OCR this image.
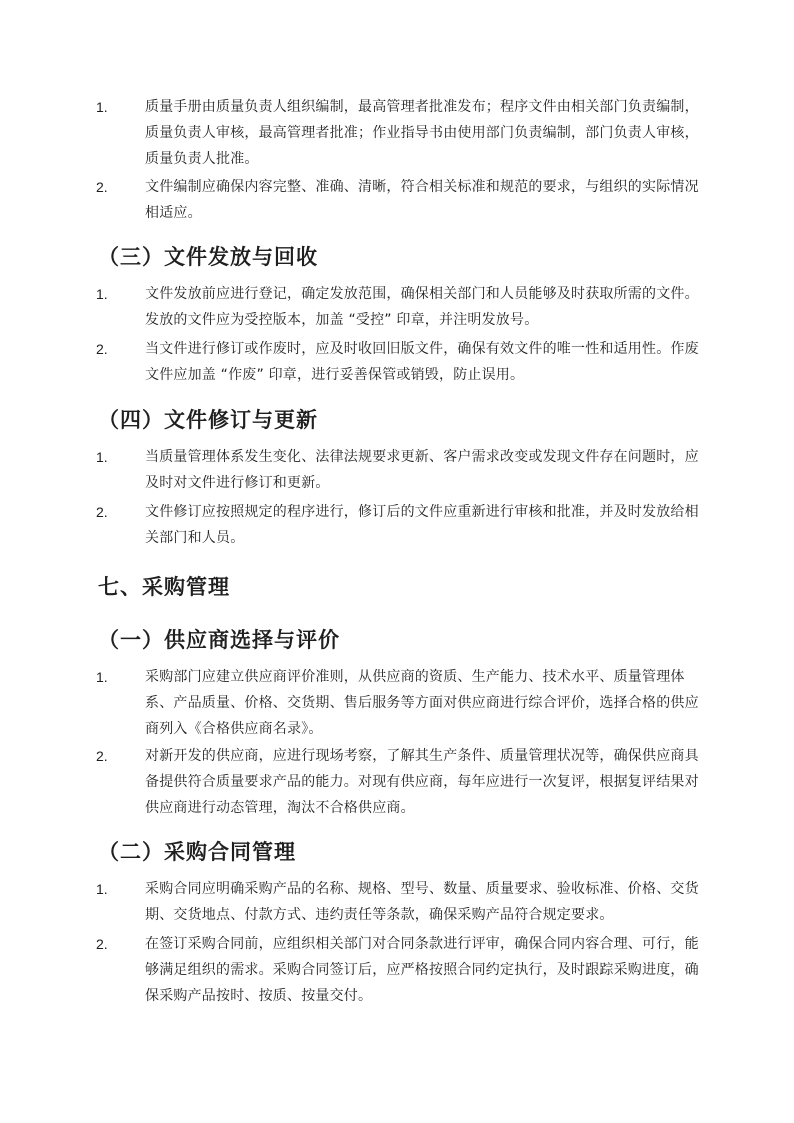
1.	质量手册由质量负责人组织编制，最高管理者批准发布；程序文件由相关部门负责编制，质量负责人审核，最高管理者批准；作业指导书由使用部门负责编制，部门负责人审核，质量负责人批准。
2.	文件编制应确保内容完整、准确、清晰，符合相关标准和规范的要求，与组织的实际情况相适应。
（三）文件发放与回收
1.	文件发放前应进行登记，确定发放范围，确保相关部门和人员能够及时获取所需的文件。发放的文件应为受控版本，加盖 “受控” 印章，并注明发放号。
2.	当文件进行修订或作废时，应及时收回旧版文件，确保有效文件的唯一性和适用性。作废文件应加盖 “作废” 印章，进行妥善保管或销毁，防止误用。
（四）文件修订与更新
1.	当质量管理体系发生变化、法律法规要求更新、客户需求改变或发现文件存在问题时，应及时对文件进行修订和更新。
2.	文件修订应按照规定的程序进行，修订后的文件应重新进行审核和批准，并及时发放给相关部门和人员。
七、采购管理
（一）供应商选择与评价
1.	采购部门应建立供应商评价准则，从供应商的资质、生产能力、技术水平、质量管理体系、产品质量、价格、交货期、售后服务等方面对供应商进行综合评价，选择合格的供应商列入《合格供应商名录》。
2.	对新开发的供应商，应进行现场考察，了解其生产条件、质量管理状况等，确保供应商具备提供符合质量要求产品的能力。对现有供应商，每年应进行一次复评，根据复评结果对供应商进行动态管理，淘汰不合格供应商。
（二）采购合同管理
1.	采购合同应明确采购产品的名称、规格、型号、数量、质量要求、验收标准、价格、交货期、交货地点、付款方式、违约责任等条款，确保采购产品符合规定要求。
2.	在签订采购合同前，应组织相关部门对合同条款进行评审，确保合同内容合理、可行，能够满足组织的需求。采购合同签订后，应严格按照合同约定执行，及时跟踪采购进度，确保采购产品按时、按质、按量交付。
